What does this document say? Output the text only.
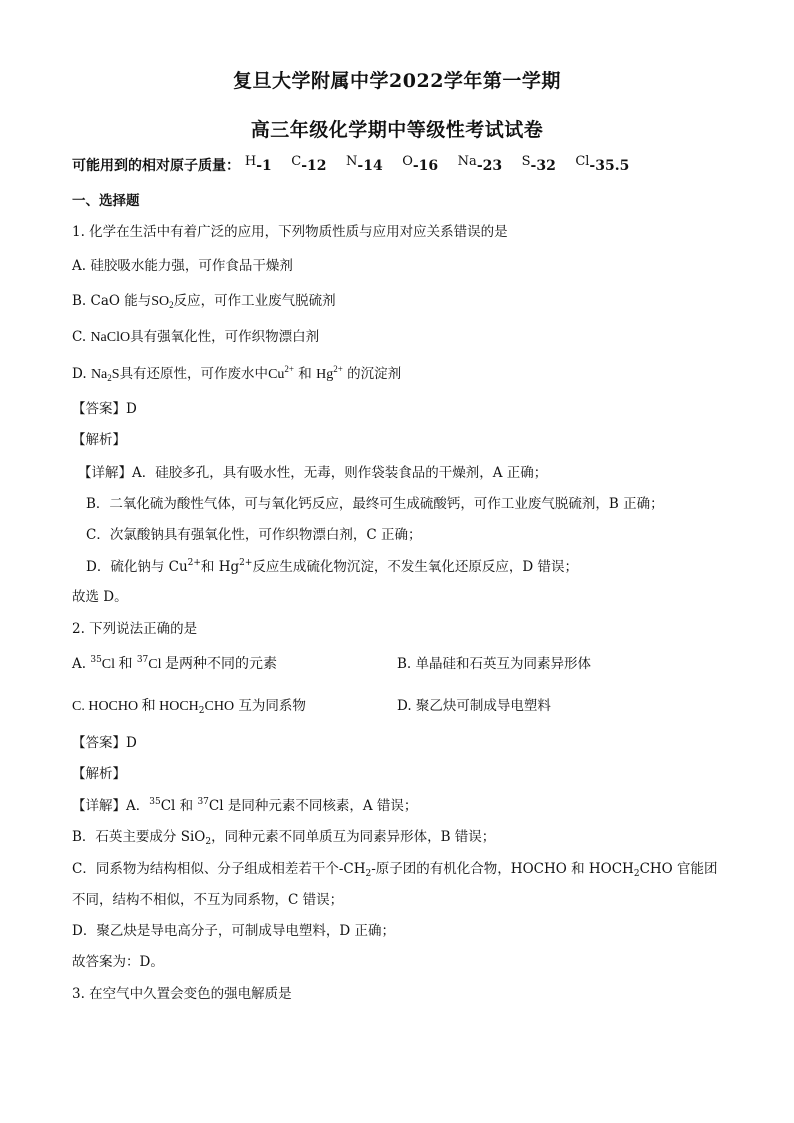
复旦大学附属中学2022学年第一学期
高三年级化学期中等级性考试试卷
可能用到的相对原子质量： H-1 C-12 N-14 O-16 Na-23 S-32 Cl-35.5
一、选择题
1. 化学在生活中有着广泛的应用，下列物质性质与应用对应关系错误的是
A. 硅胶吸水能力强，可作食品干燥剂
B. CaO 能与$SO_2$反应，可作工业废气脱硫剂
C. NaClO具有强氧化性，可作织物漂白剂
D. $Na_2S$具有还原性，可作废水中$Cu^{2+}$ 和 $Hg^{2+}$ 的沉淀剂
【答案】D
【解析】
【详解】A．硅胶多孔，具有吸水性，无毒，则作袋装食品的干燥剂，A 正确；
B．二氧化硫为酸性气体，可与氧化钙反应，最终可生成硫酸钙，可作工业废气脱硫剂，B 正确；
C．次氯酸钠具有强氧化性，可作织物漂白剂，C 正确；
D．硫化钠与 $Cu^{2+}$和 $Hg^{2+}$反应生成硫化物沉淀，不发生氧化还原反应，D 错误；
故选 D。
2. 下列说法正确的是
A. $^{35}$Cl 和 $^{37}$Cl 是两种不同的元素	B. 单晶硅和石英互为同素异形体
C. HOCHO 和 $HOCH_2CHO$ 互为同系物	D. 聚乙炔可制成导电塑料
【答案】D
【解析】
【详解】A．$^{35}$Cl 和 $^{37}$Cl 是同种元素不同核素，A 错误；
B．石英主要成分 SiO$_2$，同种元素不同单质互为同素异形体，B 错误；
C．同系物为结构相似、分子组成相差若干个$-CH_2-$原子团的有机化合物，HOCHO 和 $HOCH_2CHO$ 官能团
不同，结构不相似，不互为同系物，C 错误；
D．聚乙炔是导电高分子，可制成导电塑料，D 正确；
故答案为：D。
3. 在空气中久置会变色的强电解质是
